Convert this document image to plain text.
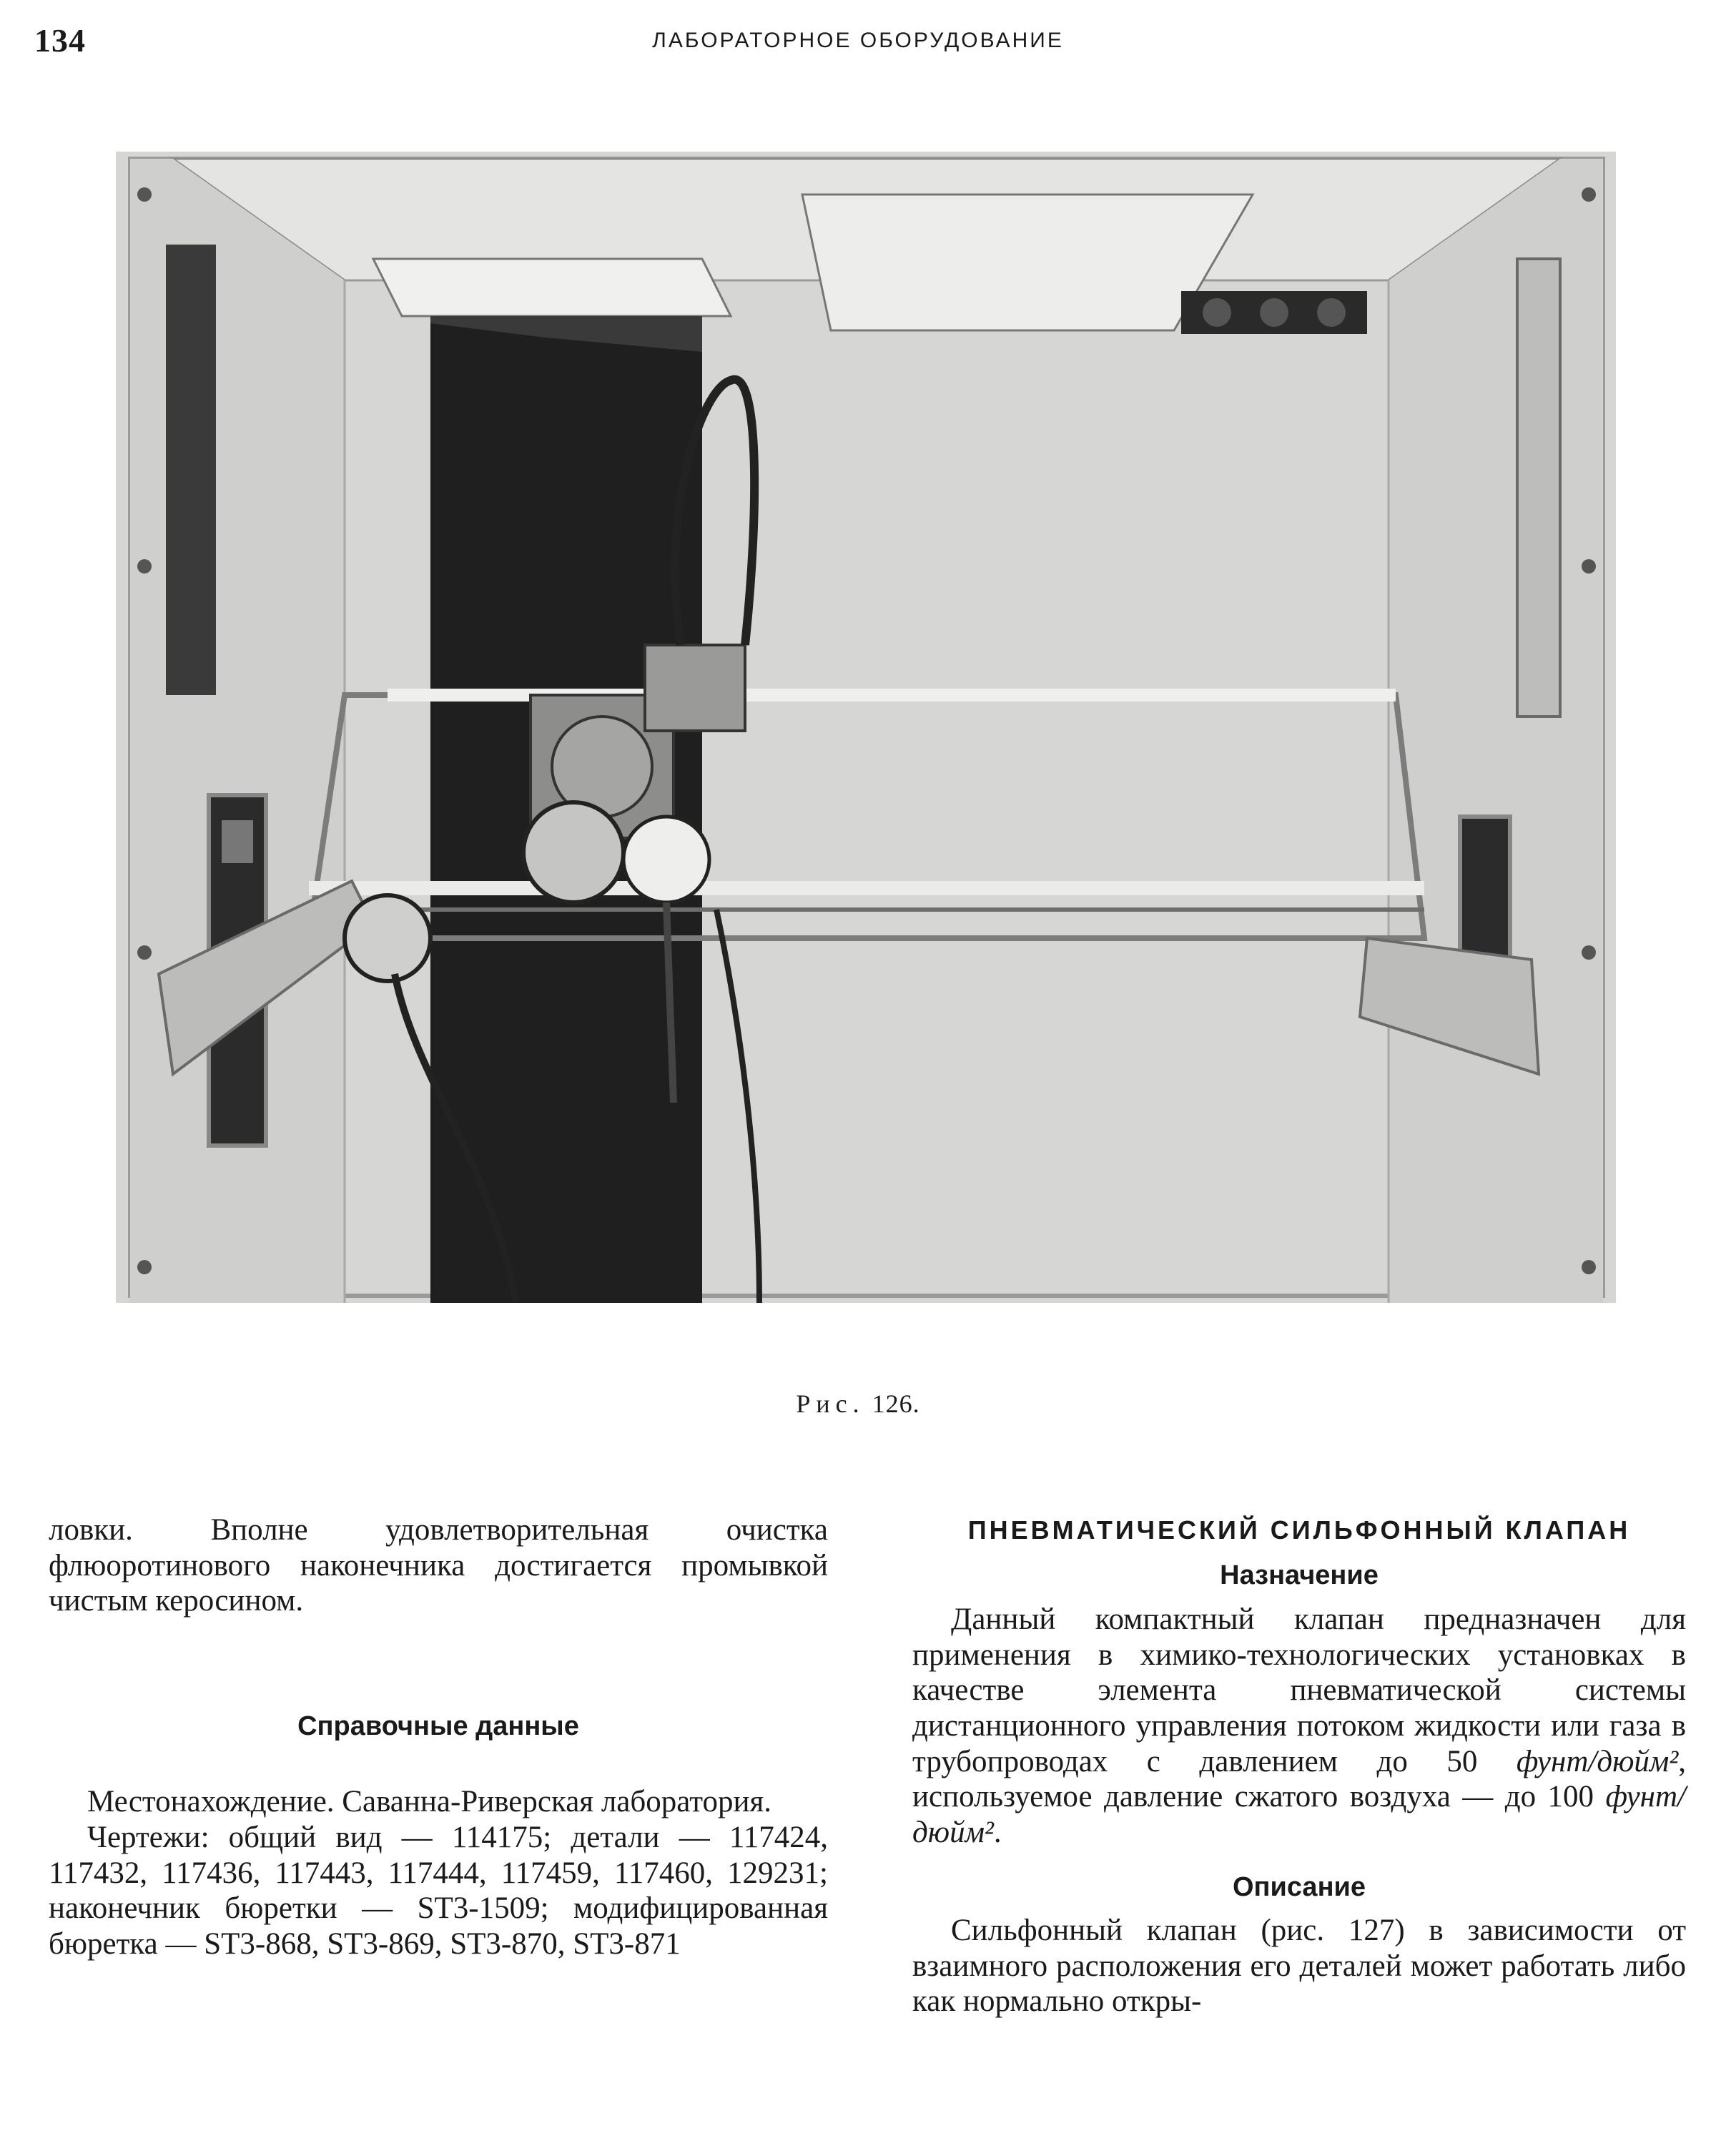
134	ЛАБОРАТОРНОЕ ОБОРУДОВАНИЕ
Рис. 126.

ловки. Вполне удовлетворительная очистка флюоротинового наконечника достигается промывкой чистым керосином.

Справочные данные

Местонахождение. Саванна-Риверская лаборатория.

Чертежи: общий вид — 114175; детали — 117424, 117432, 117436, 117443, 117444, 117459, 117460, 129231; наконечник бюретки — ST3-1509; модифицированная бюретка — ST3-868, ST3-869, ST3-870, ST3-871

ПНЕВМАТИЧЕСКИЙ СИЛЬФОННЫЙ КЛАПАН
Назначение

Данный компактный клапан предназначен для применения в химико-технологических установках в качестве элемента пневматической системы дистанционного управления потоком жидкости или газа в трубопроводах с давлением до 50 фунт/дюйм², используемое давление сжатого воздуха — до 100 фунт/дюйм².

Описание

Сильфонный клапан (рис. 127) в зависимости от взаимного расположения его деталей может работать либо как нормально откры-
